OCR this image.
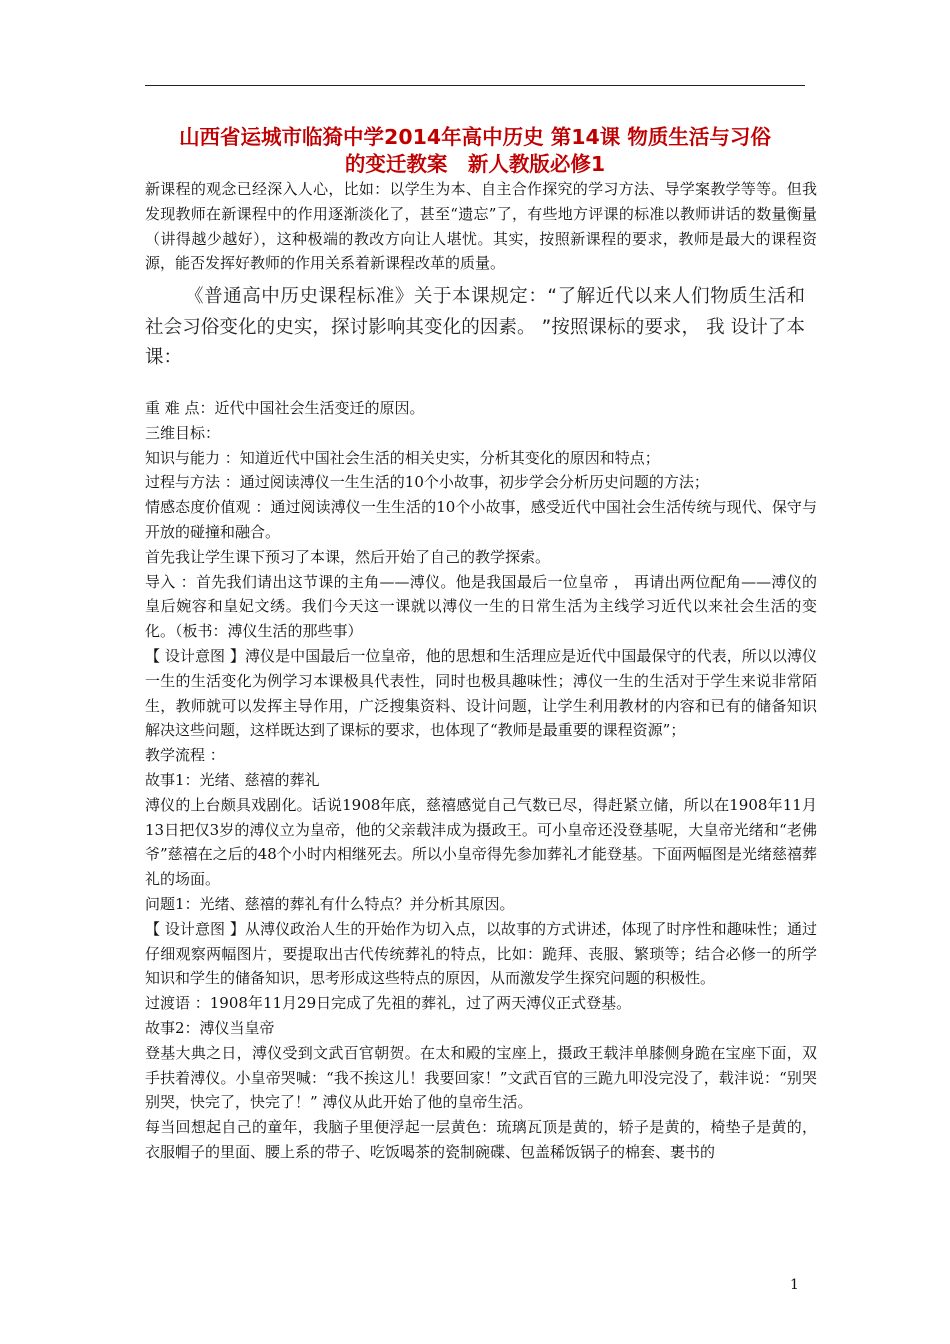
山西省运城市临猗中学2014年高中历史 第14课 物质生活与习俗
的变迁教案　新人教版必修1

新课程的观念已经深入人心，比如：以学生为本、自主合作探究的学习方法、导学案教学等等。但我发现教师在新课程中的作用逐渐淡化了，甚至“遗忘”了，有些地方评课的标准以教师讲话的数量衡量（讲得越少越好），这种极端的教改方向让人堪忧。其实，按照新课程的要求，教师是最大的课程资源，能否发挥好教师的作用关系着新课程改革的质量。

《普通高中历史课程标准》关于本课规定：“了解近代以来人们物质生活和社会习俗变化的史实，探讨影响其变化的因素。 ”按照课标的要求， 我 设计了本课：

重 难 点：近代中国社会生活变迁的原因。

三维目标：

知识与能力 ：知道近代中国社会生活的相关史实，分析其变化的原因和特点；

过程与方法 ：通过阅读溥仪一生生活的10个小故事，初步学会分析历史问题的方法；

情感态度价值观 ：通过阅读溥仪一生生活的10个小故事，感受近代中国社会生活传统与现代、保守与开放的碰撞和融合。

首先我让学生课下预习了本课，然后开始了自己的教学探索。

导入 ：首先我们请出这节课的主角——溥仪。他是我国最后一位皇帝 ， 再请出两位配角——溥仪的皇后婉容和皇妃文绣。我们今天这一课就以溥仪一生的日常生活为主线学习近代以来社会生活的变化。（板书：溥仪生活的那些事）

【 设计意图 】溥仪是中国最后一位皇帝，他的思想和生活理应是近代中国最保守的代表，所以以溥仪一生的生活变化为例学习本课极具代表性，同时也极具趣味性；溥仪一生的生活对于学生来说非常陌生，教师就可以发挥主导作用，广泛搜集资料、设计问题，让学生利用教材的内容和已有的储备知识解决这些问题，这样既达到了课标的要求，也体现了“教师是最重要的课程资源”；

教学流程 ：

故事1：光绪、慈禧的葬礼

溥仪的上台颇具戏剧化。话说1908年底，慈禧感觉自己气数已尽，得赶紧立储，所以在1908年11月13日把仅3岁的溥仪立为皇帝，他的父亲载沣成为摄政王。可小皇帝还没登基呢，大皇帝光绪和“老佛爷”慈禧在之后的48个小时内相继死去。所以小皇帝得先参加葬礼才能登基。下面两幅图是光绪慈禧葬礼的场面。

问题1：光绪、慈禧的葬礼有什么特点？并分析其原因。

【 设计意图 】从溥仪政治人生的开始作为切入点，以故事的方式讲述，体现了时序性和趣味性；通过仔细观察两幅图片，要提取出古代传统葬礼的特点，比如：跪拜、丧服、繁琐等；结合必修一的所学知识和学生的储备知识，思考形成这些特点的原因，从而激发学生探究问题的积极性。

过渡语 ：1908年11月29日完成了先祖的葬礼，过了两天溥仪正式登基。

故事2：溥仪当皇帝

登基大典之日，溥仪受到文武百官朝贺。在太和殿的宝座上，摄政王载沣单膝侧身跪在宝座下面，双手扶着溥仪。小皇帝哭喊：“我不挨这儿！我要回家！”文武百官的三跪九叩没完没了，载沣说：“别哭别哭，快完了，快完了！” 溥仪从此开始了他的皇帝生活。

每当回想起自己的童年，我脑子里便浮起一层黄色：琉璃瓦顶是黄的，轿子是黄的，椅垫子是黄的，衣服帽子的里面、腰上系的带子、吃饭喝茶的瓷制碗碟、包盖稀饭锅子的棉套、裹书的

1
